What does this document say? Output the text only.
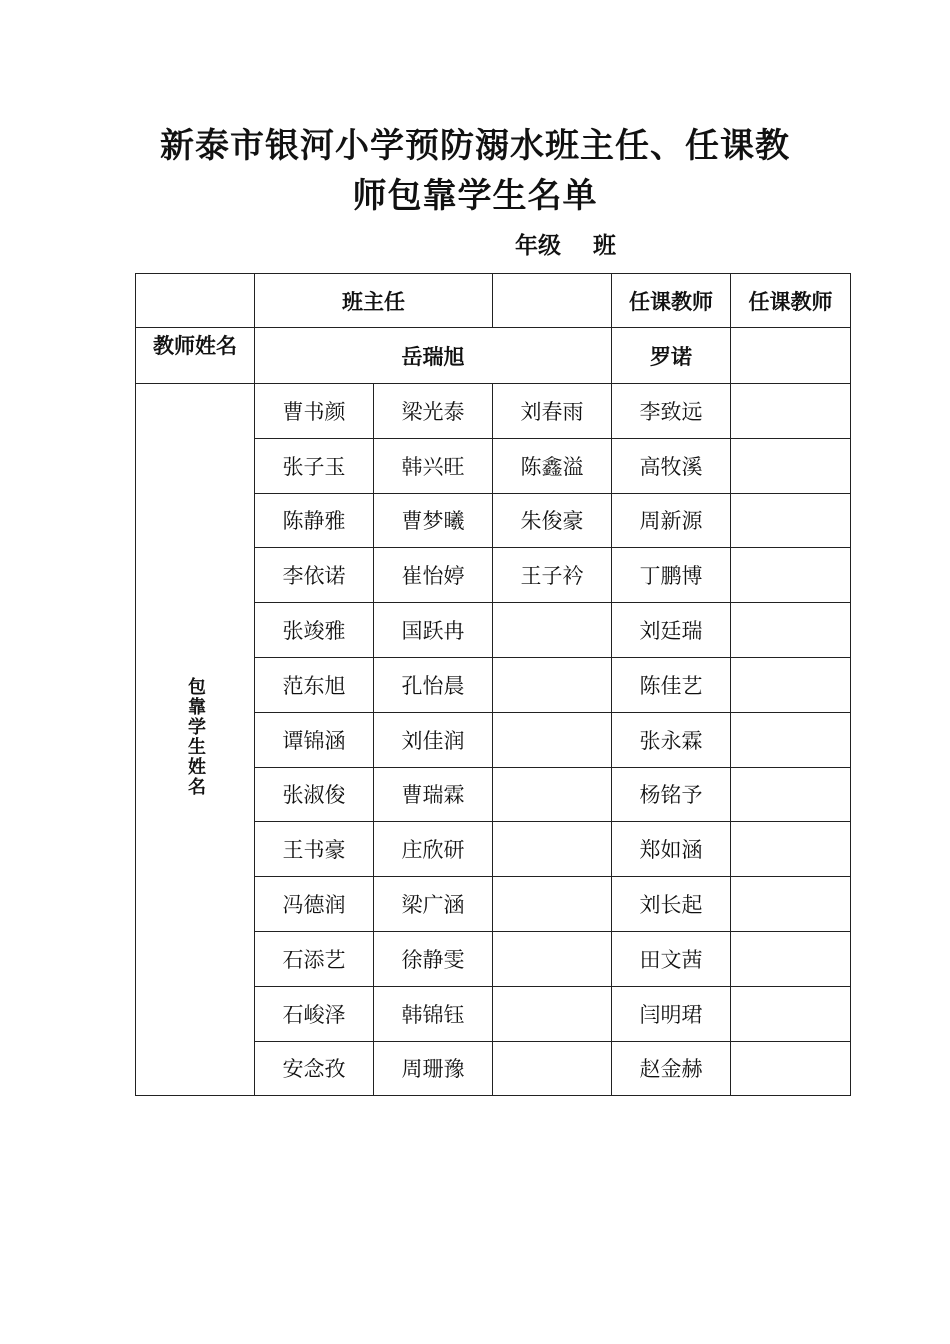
新泰市银河小学预防溺水班主任、任课教
师包靠学生名单
年级    班
	班主任			任课教师	任课教师
教师姓名	岳瑞旭			罗诺	
包靠学生姓名	曹书颜	梁光泰	刘春雨	李致远	
	张子玉	韩兴旺	陈鑫溢	高牧溪	
	陈静雅	曹梦曦	朱俊豪	周新源	
	李依诺	崔怡婷	王子衿	丁鹏博	
	张竣雅	国跃冉		刘廷瑞	
	范东旭	孔怡晨		陈佳艺	
	谭锦涵	刘佳润		张永霖	
	张淑俊	曹瑞霖		杨铭予	
	王书豪	庄欣研		郑如涵	
	冯德润	梁广涵		刘长起	
	石添艺	徐静雯		田文茜	
	石峻泽	韩锦钰		闫明珺	
	安念孜	周珊豫		赵金赫	
